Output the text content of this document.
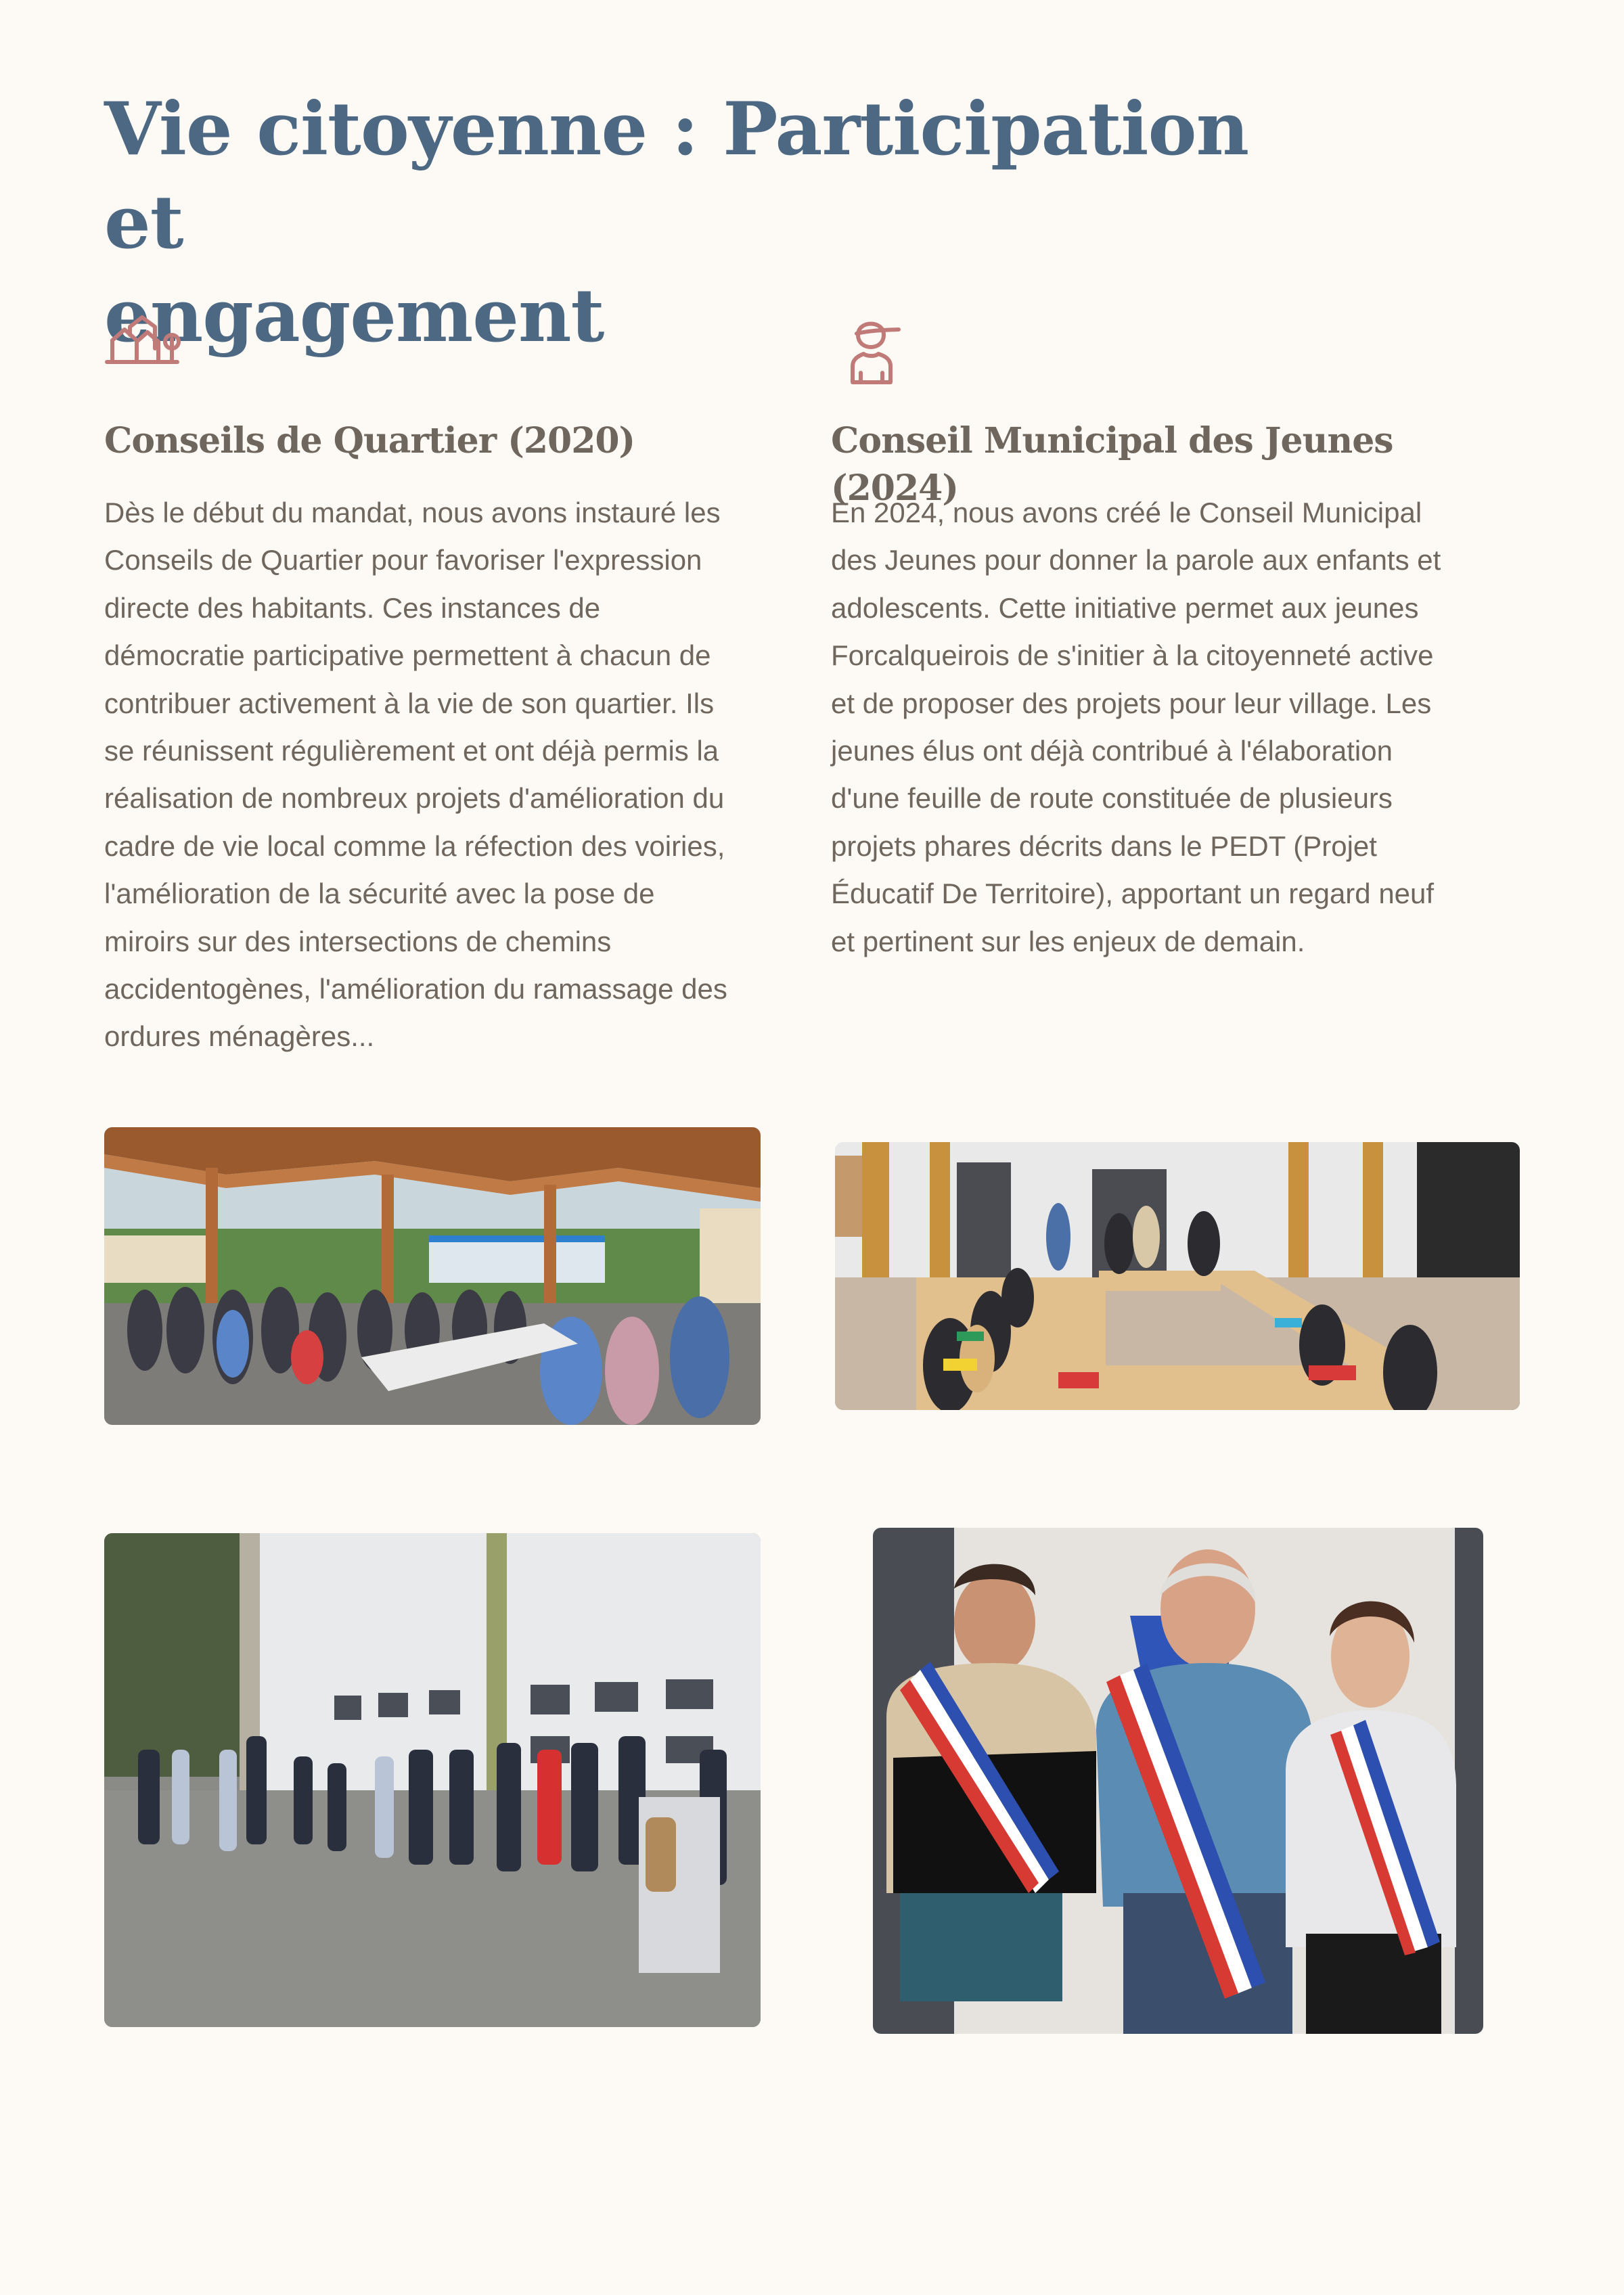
Vie citoyenne : Participation et
engagement
Conseils de Quartier (2020)

Dès le début du mandat, nous avons instauré les
Conseils de Quartier pour favoriser l'expression
directe des habitants. Ces instances de
démocratie participative permettent à chacun de
contribuer activement à la vie de son quartier. Ils
se réunissent régulièrement et ont déjà permis la
réalisation de nombreux projets d'amélioration du
cadre de vie local comme la réfection des voiries,
l'amélioration de la sécurité avec la pose de
miroirs sur des intersections de chemins
accidentogènes, l'amélioration du ramassage des
ordures ménagères...

Conseil Municipal des Jeunes (2024)

En 2024, nous avons créé le Conseil Municipal
des Jeunes pour donner la parole aux enfants et
adolescents. Cette initiative permet aux jeunes
Forcalqueirois de s'initier à la citoyenneté active
et de proposer des projets pour leur village. Les
jeunes élus ont déjà contribué à l'élaboration
d'une feuille de route constituée de plusieurs
projets phares décrits dans le PEDT (Projet
Éducatif De Territoire), apportant un regard neuf
et pertinent sur les enjeux de demain.
